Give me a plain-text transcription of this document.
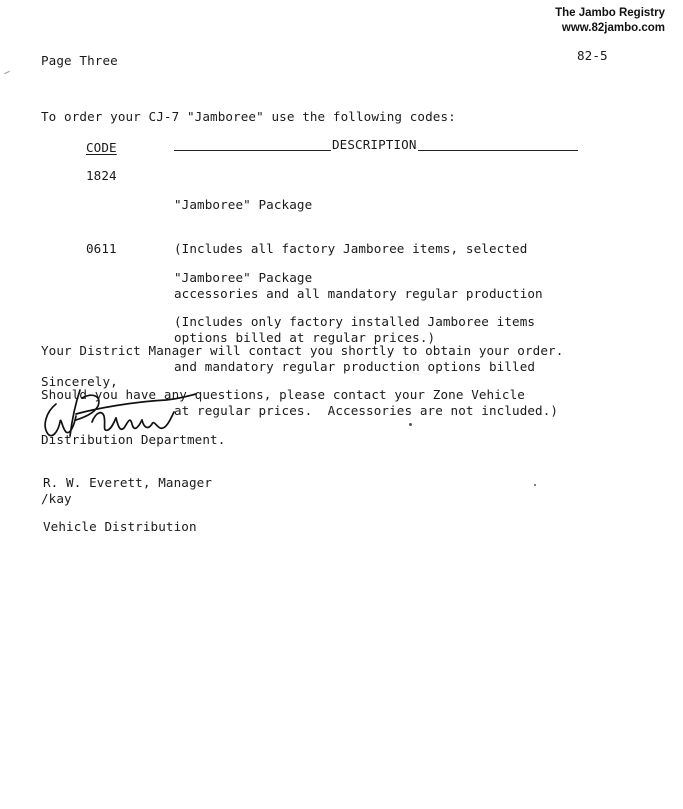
The Jambo Registry
www.82jambo.com
Page Three	82-5
To order your CJ-7 "Jamboree" use the following codes:
CODE	DESCRIPTION
1824

"Jamboree" Package

(Includes all factory Jamboree items, selected

accessories and all mandatory regular production

options billed at regular prices.)

0611

"Jamboree" Package

(Includes only factory installed Jamboree items

and mandatory regular production options billed

at regular prices.  Accessories are not included.)

Your District Manager will contact you shortly to obtain your order.

Should you have any questions, please contact your Zone Vehicle

Distribution Department.

Sincerely,

R. W. Everett, Manager

Vehicle Distribution

/kay
